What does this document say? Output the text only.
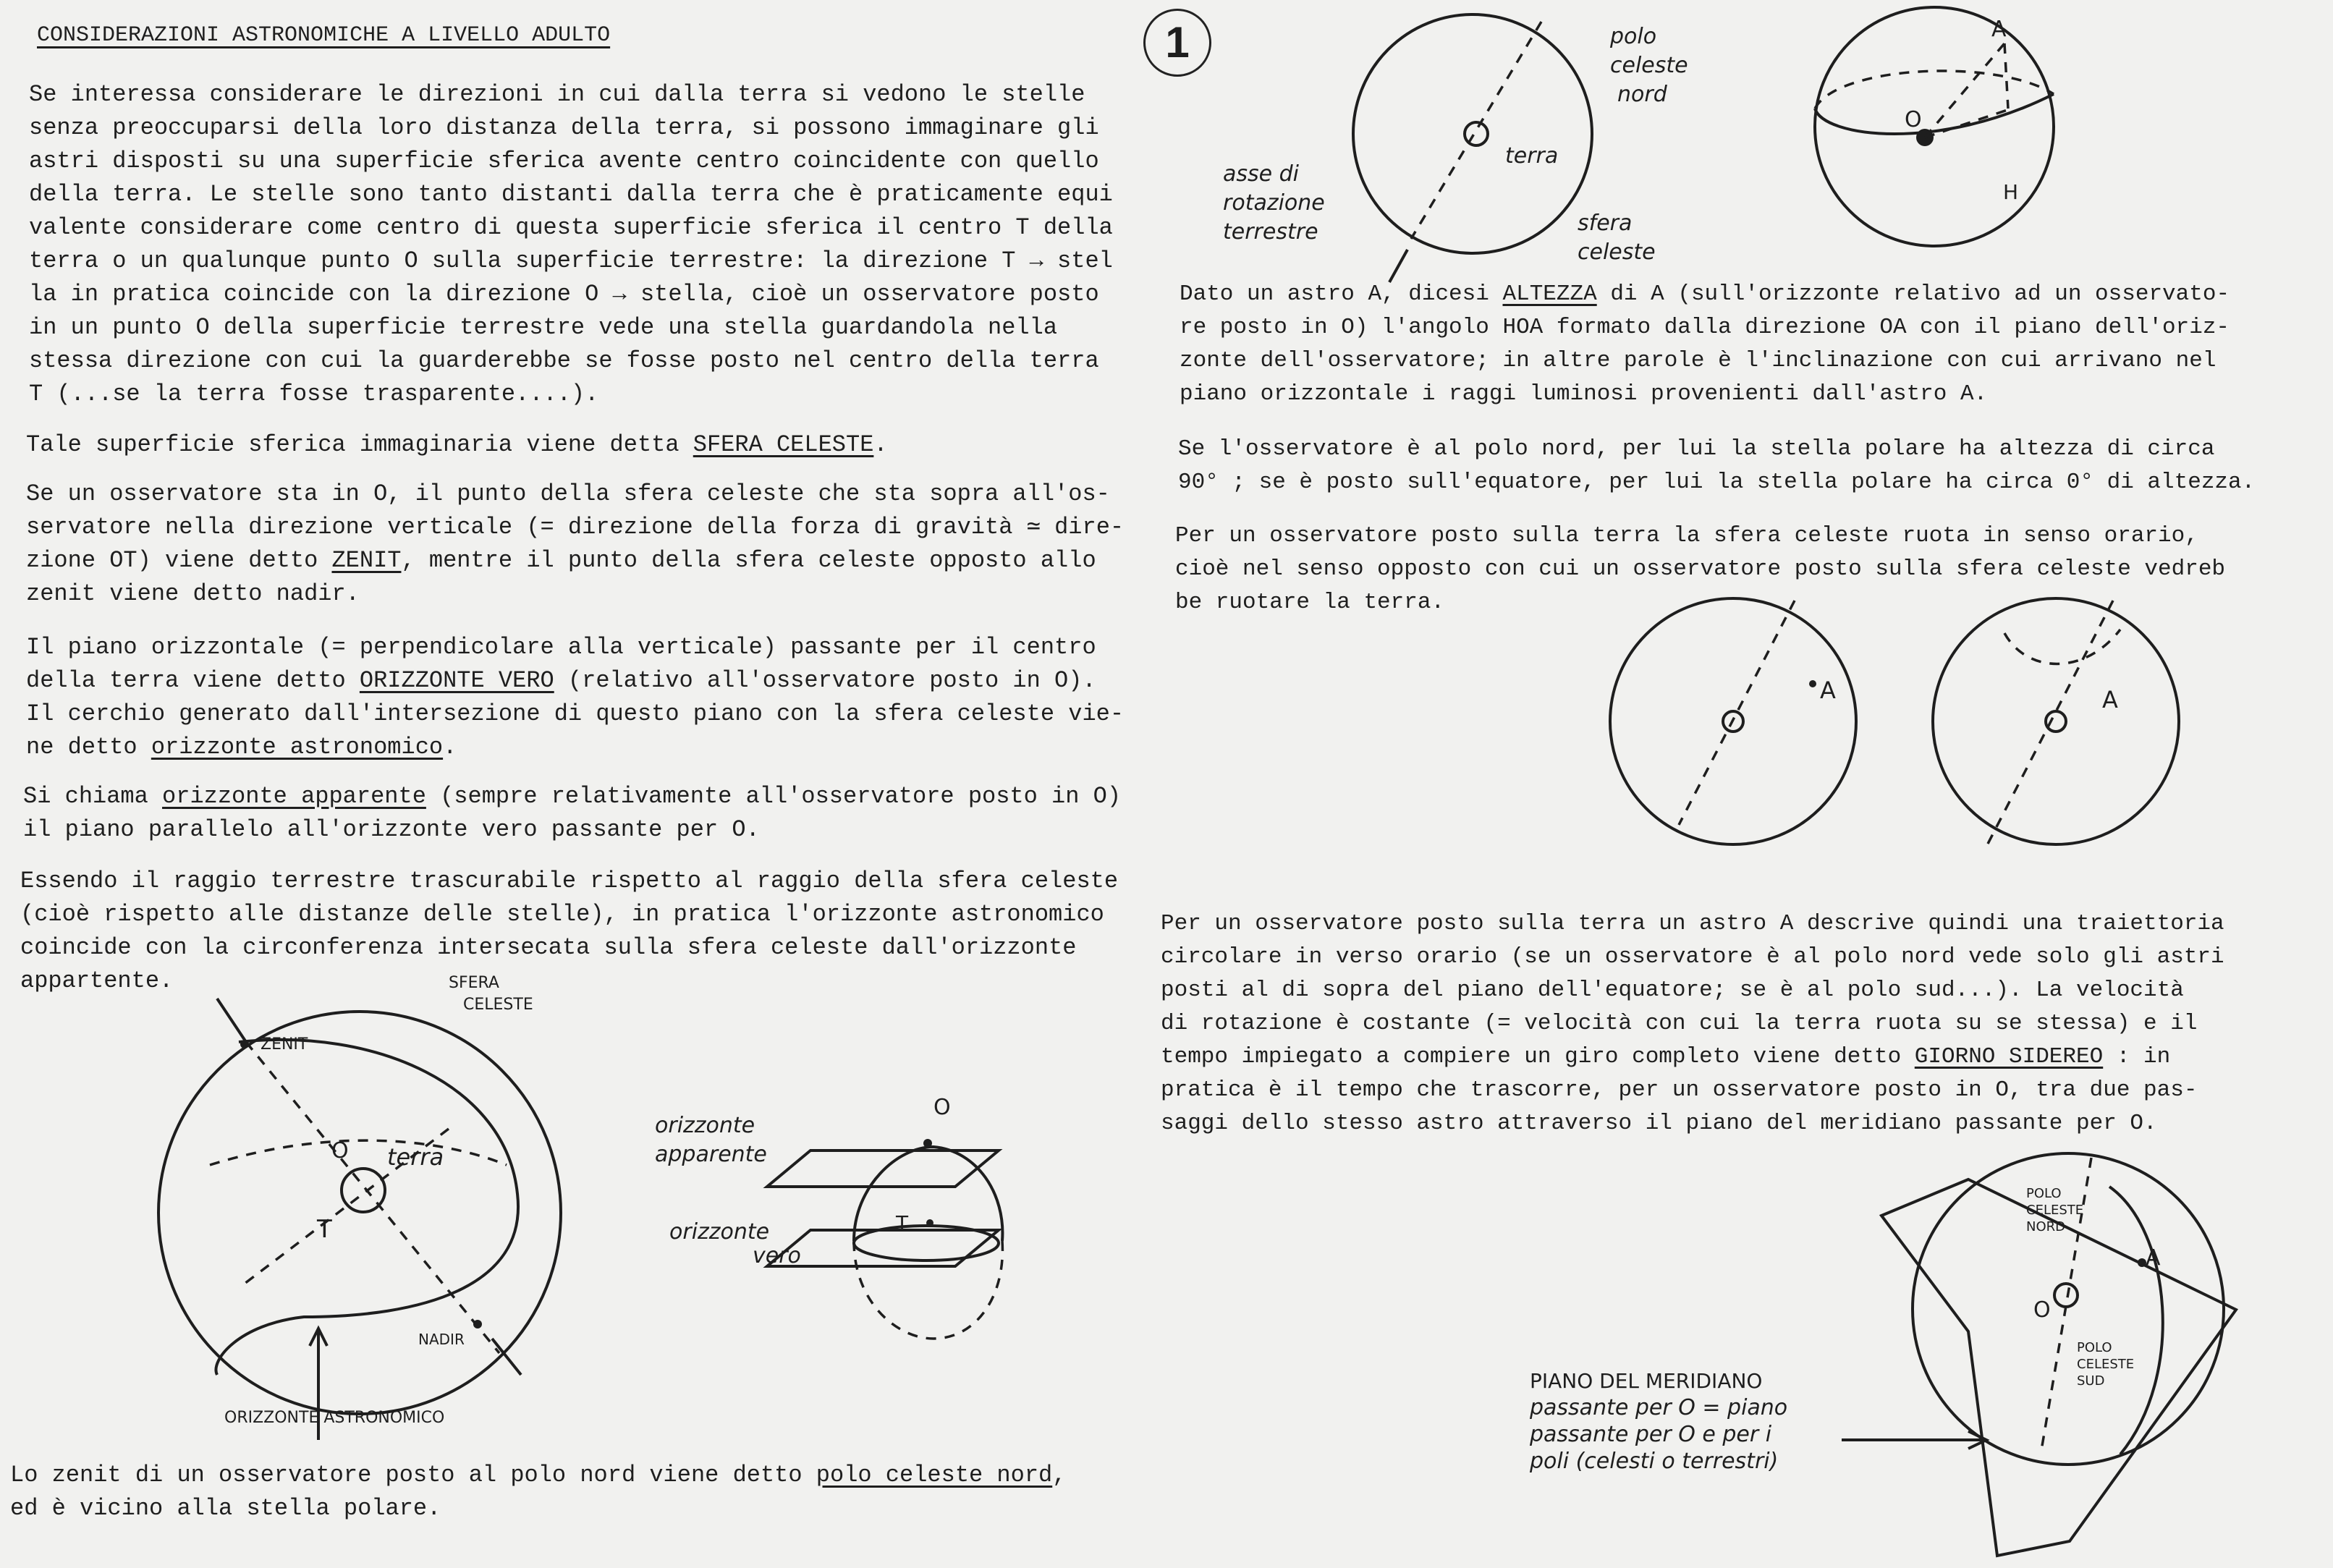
CONSIDERAZIONI ASTRONOMICHE A LIVELLO ADULTO	1
Se interessa considerare le direzioni in cui dalla terra si vedono le stelle
senza preoccuparsi della loro distanza della terra, si possono immaginare gli
astri disposti su una superficie sferica avente centro coincidente con quello
della terra. Le stelle sono tanto distanti dalla terra che è praticamente equi
valente considerare come centro di questa superficie sferica il centro T della
terra o un qualunque punto O sulla superficie terrestre: la direzione T → stel
la in pratica coincide con la direzione O → stella, cioè un osservatore posto
in un punto O della superficie terrestre vede una stella guardandola nella
stessa direzione con cui la guarderebbe se fosse posto nel centro della terra
T (...se la terra fosse trasparente....).
Tale superficie sferica immaginaria viene detta SFERA CELESTE.
Se un osservatore sta in O, il punto della sfera celeste che sta sopra all'os-
servatore nella direzione verticale (= direzione della forza di gravità ≃ dire-
zione OT) viene detto ZENIT, mentre il punto della sfera celeste opposto allo
zenit viene detto nadir.
Il piano orizzontale (= perpendicolare alla verticale) passante per il centro
della terra viene detto ORIZZONTE VERO (relativo all'osservatore posto in O).
Il cerchio generato dall'intersezione di questo piano con la sfera celeste vie-
ne detto orizzonte astronomico.
Si chiama orizzonte apparente (sempre relativamente all'osservatore posto in O)
il piano parallelo all'orizzonte vero passante per O.
Essendo il raggio terrestre trascurabile rispetto al raggio della sfera celeste
(cioè rispetto alle distanze delle stelle), in pratica l'orizzonte astronomico
coincide con la circonferenza intersecata sulla sfera celeste dall'orizzonte
appartente.
Lo zenit di un osservatore posto al polo nord viene detto polo celeste nord,
ed è vicino alla stella polare.
Dato un astro A, dicesi ALTEZZA di A (sull'orizzonte relativo ad un osservato-
re posto in O) l'angolo HOA formato dalla direzione OA con il piano dell'oriz-
zonte dell'osservatore; in altre parole è l'inclinazione con cui arrivano nel
piano orizzontale i raggi luminosi provenienti dall'astro A.
Se l'osservatore è al polo nord, per lui la stella polare ha altezza di circa
90° ; se è posto sull'equatore, per lui la stella polare ha circa 0° di altezza.
Per un osservatore posto sulla terra la sfera celeste ruota in senso orario,
cioè nel senso opposto con cui un osservatore posto sulla sfera celeste vedreb
be ruotare la terra.
Per un osservatore posto sulla terra un astro A descrive quindi una traiettoria
circolare in verso orario (se un osservatore è al polo nord vede solo gli astri
posti al di sopra del piano dell'equatore; se è al polo sud...). La velocità
di rotazione è costante (= velocità con cui la terra ruota su se stessa) e il
tempo impiegato a compiere un giro completo viene detto GIORNO SIDEREO : in
pratica è il tempo che trascorre, per un osservatore posto in O, tra due pas-
saggi dello stesso astro attraverso il piano del meridiano passante per O.
SFERA
CELESTE
ZENIT
O terra
T
NADIR
ORIZZONTE ASTRONOMICO
O
T
orizzonte
apparente
orizzonte
vero
polo
celeste
nord
terra
asse di
rotazione
terrestre	sfera
celeste
A
O
H
A	A
POLO
CELESTE
NORD
A
O
POLO
CELESTE
SUD
PIANO DEL MERIDIANO
passante per O = piano
passante per O e per i
poli (celesti o terrestri)
